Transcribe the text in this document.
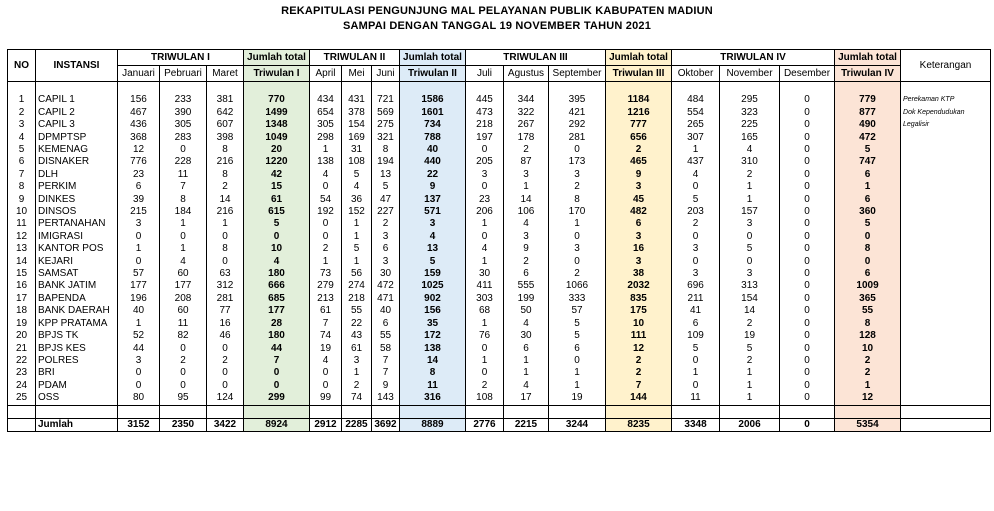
REKAPITULASI PENGUNJUNG MAL PELAYANAN PUBLIK KABUPATEN MADIUN
SAMPAI DENGAN TANGGAL 19 NOVEMBER TAHUN 2021
NO	INSTANSI	TRIWULAN I			Jumlah total	TRIWULAN II			Jumlah total	TRIWULAN III			Jumlah total	TRIWULAN IV			Jumlah total	Keterangan
		Januari	Pebruari	Maret	Triwulan I	April	Mei	Juni	Triwulan II	Juli	Agustus	September	Triwulan III	Oktober	November	Desember	Triwulan IV	

1	CAPIL 1	156	233	381	770	434	431	721	1586	445	344	395	1184	484	295	0	779	Perekaman KTP
2	CAPIL 2	467	390	642	1499	654	378	569	1601	473	322	421	1216	554	323	0	877	Dok Kependudukan
3	CAPIL 3	436	305	607	1348	305	154	275	734	218	267	292	777	265	225	0	490	Legalisir
4	DPMPTSP	368	283	398	1049	298	169	321	788	197	178	281	656	307	165	0	472	
5	KEMENAG	12	0	8	20	1	31	8	40	0	2	0	2	1	4	0	5	
6	DISNAKER	776	228	216	1220	138	108	194	440	205	87	173	465	437	310	0	747	
7	DLH	23	11	8	42	4	5	13	22	3	3	3	9	4	2	0	6	
8	PERKIM	6	7	2	15	0	4	5	9	0	1	2	3	0	1	0	1	
9	DINKES	39	8	14	61	54	36	47	137	23	14	8	45	5	1	0	6	
10	DINSOS	215	184	216	615	192	152	227	571	206	106	170	482	203	157	0	360	
11	PERTANAHAN	3	1	1	5	0	1	2	3	1	4	1	6	2	3	0	5	
12	IMIGRASI	0	0	0	0	0	1	3	4	0	3	0	3	0	0	0	0	
13	KANTOR POS	1	1	8	10	2	5	6	13	4	9	3	16	3	5	0	8	
14	KEJARI	0	4	0	4	1	1	3	5	1	2	0	3	0	0	0	0	
15	SAMSAT	57	60	63	180	73	56	30	159	30	6	2	38	3	3	0	6	
16	BANK JATIM	177	177	312	666	279	274	472	1025	411	555	1066	2032	696	313	0	1009	
17	BAPENDA	196	208	281	685	213	218	471	902	303	199	333	835	211	154	0	365	
18	BANK DAERAH	40	60	77	177	61	55	40	156	68	50	57	175	41	14	0	55	
19	KPP PRATAMA	1	11	16	28	7	22	6	35	1	4	5	10	6	2	0	8	
20	BPJS TK	52	82	46	180	74	43	55	172	76	30	5	111	109	19	0	128	
21	BPJS KES	44	0	0	44	19	61	58	138	0	6	6	12	5	5	0	10	
22	POLRES	3	2	2	7	4	3	7	14	1	1	0	2	0	2	0	2	
23	BRI	0	0	0	0	0	1	7	8	0	1	1	2	1	1	0	2	
24	PDAM	0	0	0	0	0	2	9	11	2	4	1	7	0	1	0	1	
25	OSS	80	95	124	299	99	74	143	316	108	17	19	144	11	1	0	12	

	Jumlah	3152	2350	3422	8924	2912	2285	3692	8889	2776	2215	3244	8235	3348	2006	0	5354	
